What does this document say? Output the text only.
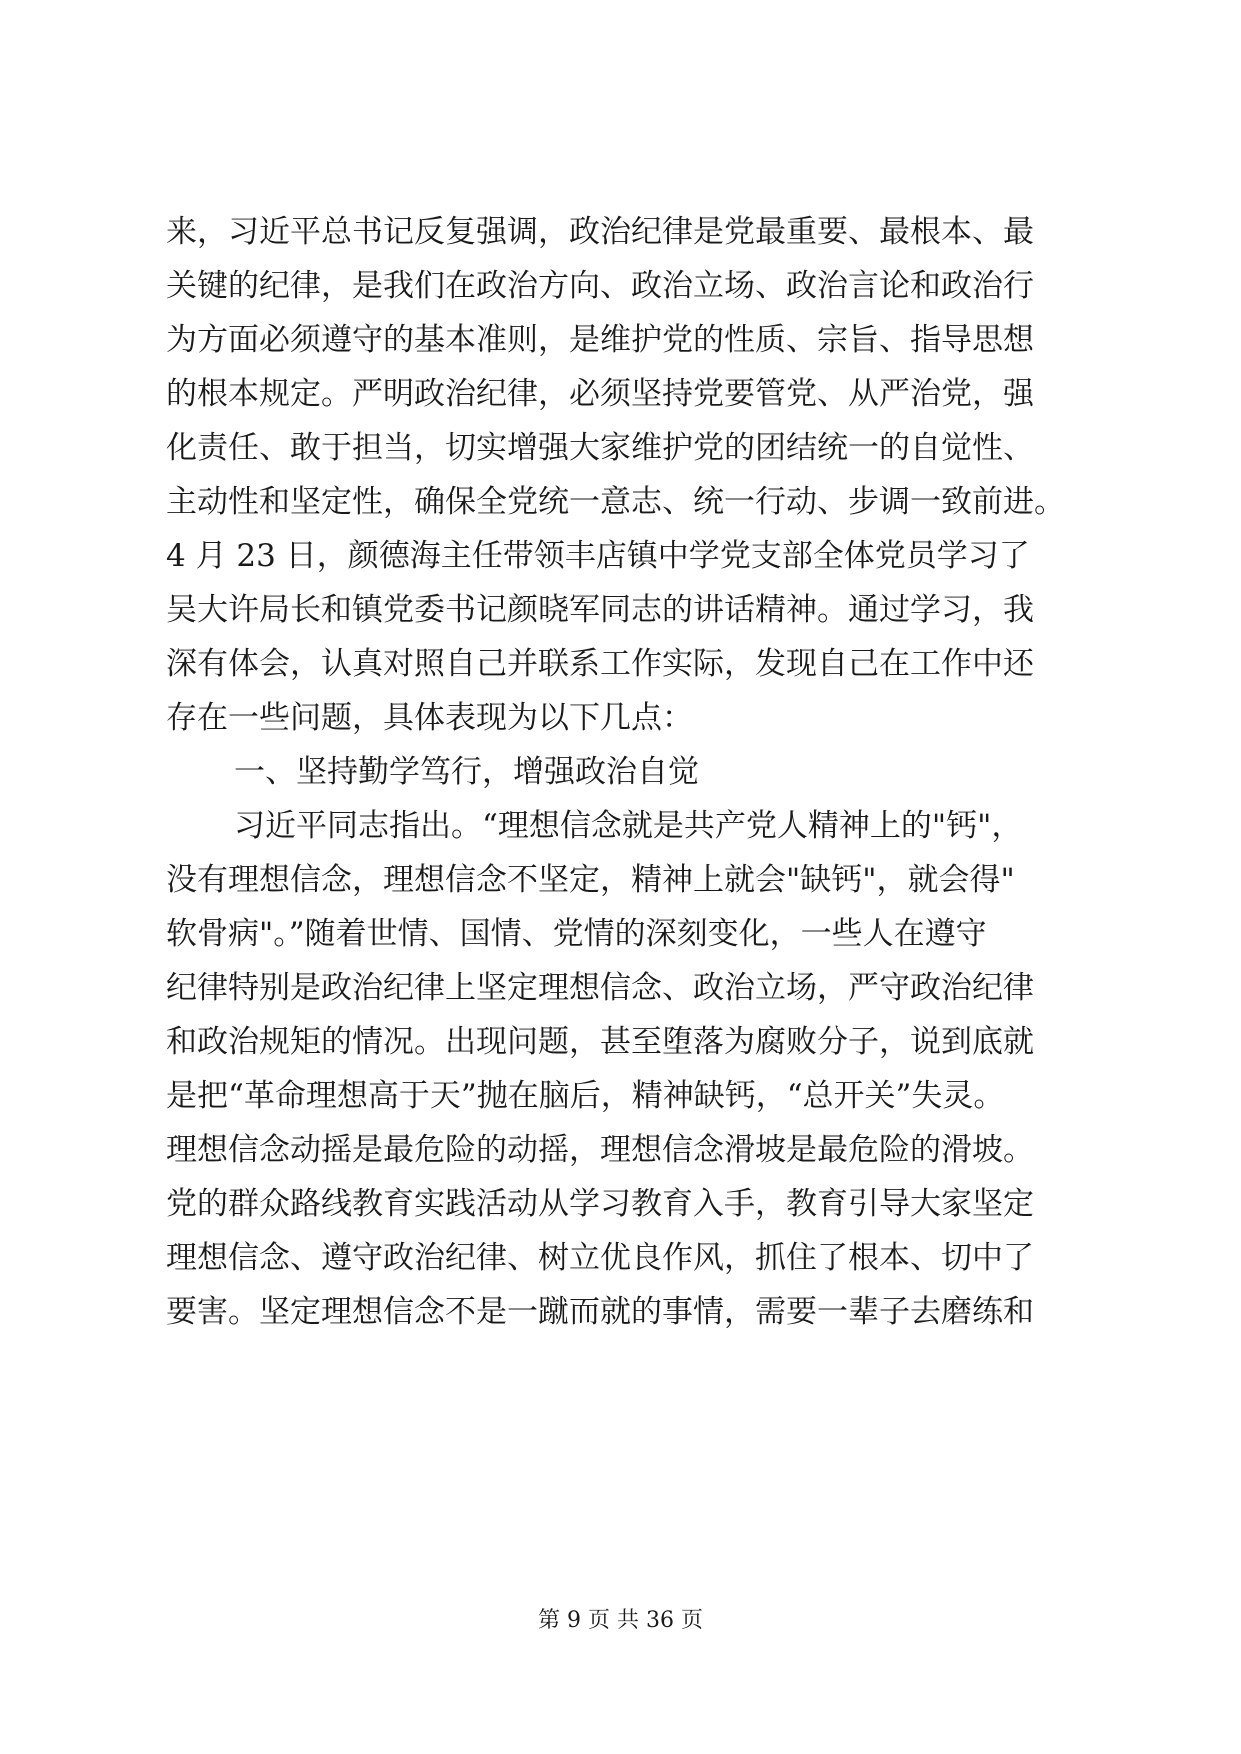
来，习近平总书记反复强调，政治纪律是党最重要、最根本、最
关键的纪律，是我们在政治方向、政治立场、政治言论和政治行
为方面必须遵守的基本准则，是维护党的性质、宗旨、指导思想
的根本规定。严明政治纪律，必须坚持党要管党、从严治党，强
化责任、敢于担当，切实增强大家维护党的团结统一的自觉性、
主动性和坚定性，确保全党统一意志、统一行动、步调一致前进。
4 月 23 日，颜德海主任带领丰店镇中学党支部全体党员学习了
吴大许局长和镇党委书记颜晓军同志的讲话精神。通过学习，我
深有体会，认真对照自己并联系工作实际，发现自己在工作中还
存在一些问题，具体表现为以下几点：
一、坚持勤学笃行，增强政治自觉
习近平同志指出。“理想信念就是共产党人精神上的"钙"，
没有理想信念，理想信念不坚定，精神上就会"缺钙"，就会得"
软骨病"。”随着世情、国情、党情的深刻变化，一些人在遵守
纪律特别是政治纪律上坚定理想信念、政治立场，严守政治纪律
和政治规矩的情况。出现问题，甚至堕落为腐败分子，说到底就
是把“革命理想高于天”抛在脑后，精神缺钙，“总开关”失灵。
理想信念动摇是最危险的动摇，理想信念滑坡是最危险的滑坡。
党的群众路线教育实践活动从学习教育入手，教育引导大家坚定
理想信念、遵守政治纪律、树立优良作风，抓住了根本、切中了
要害。坚定理想信念不是一蹴而就的事情，需要一辈子去磨练和
第 9 页 共 36 页
